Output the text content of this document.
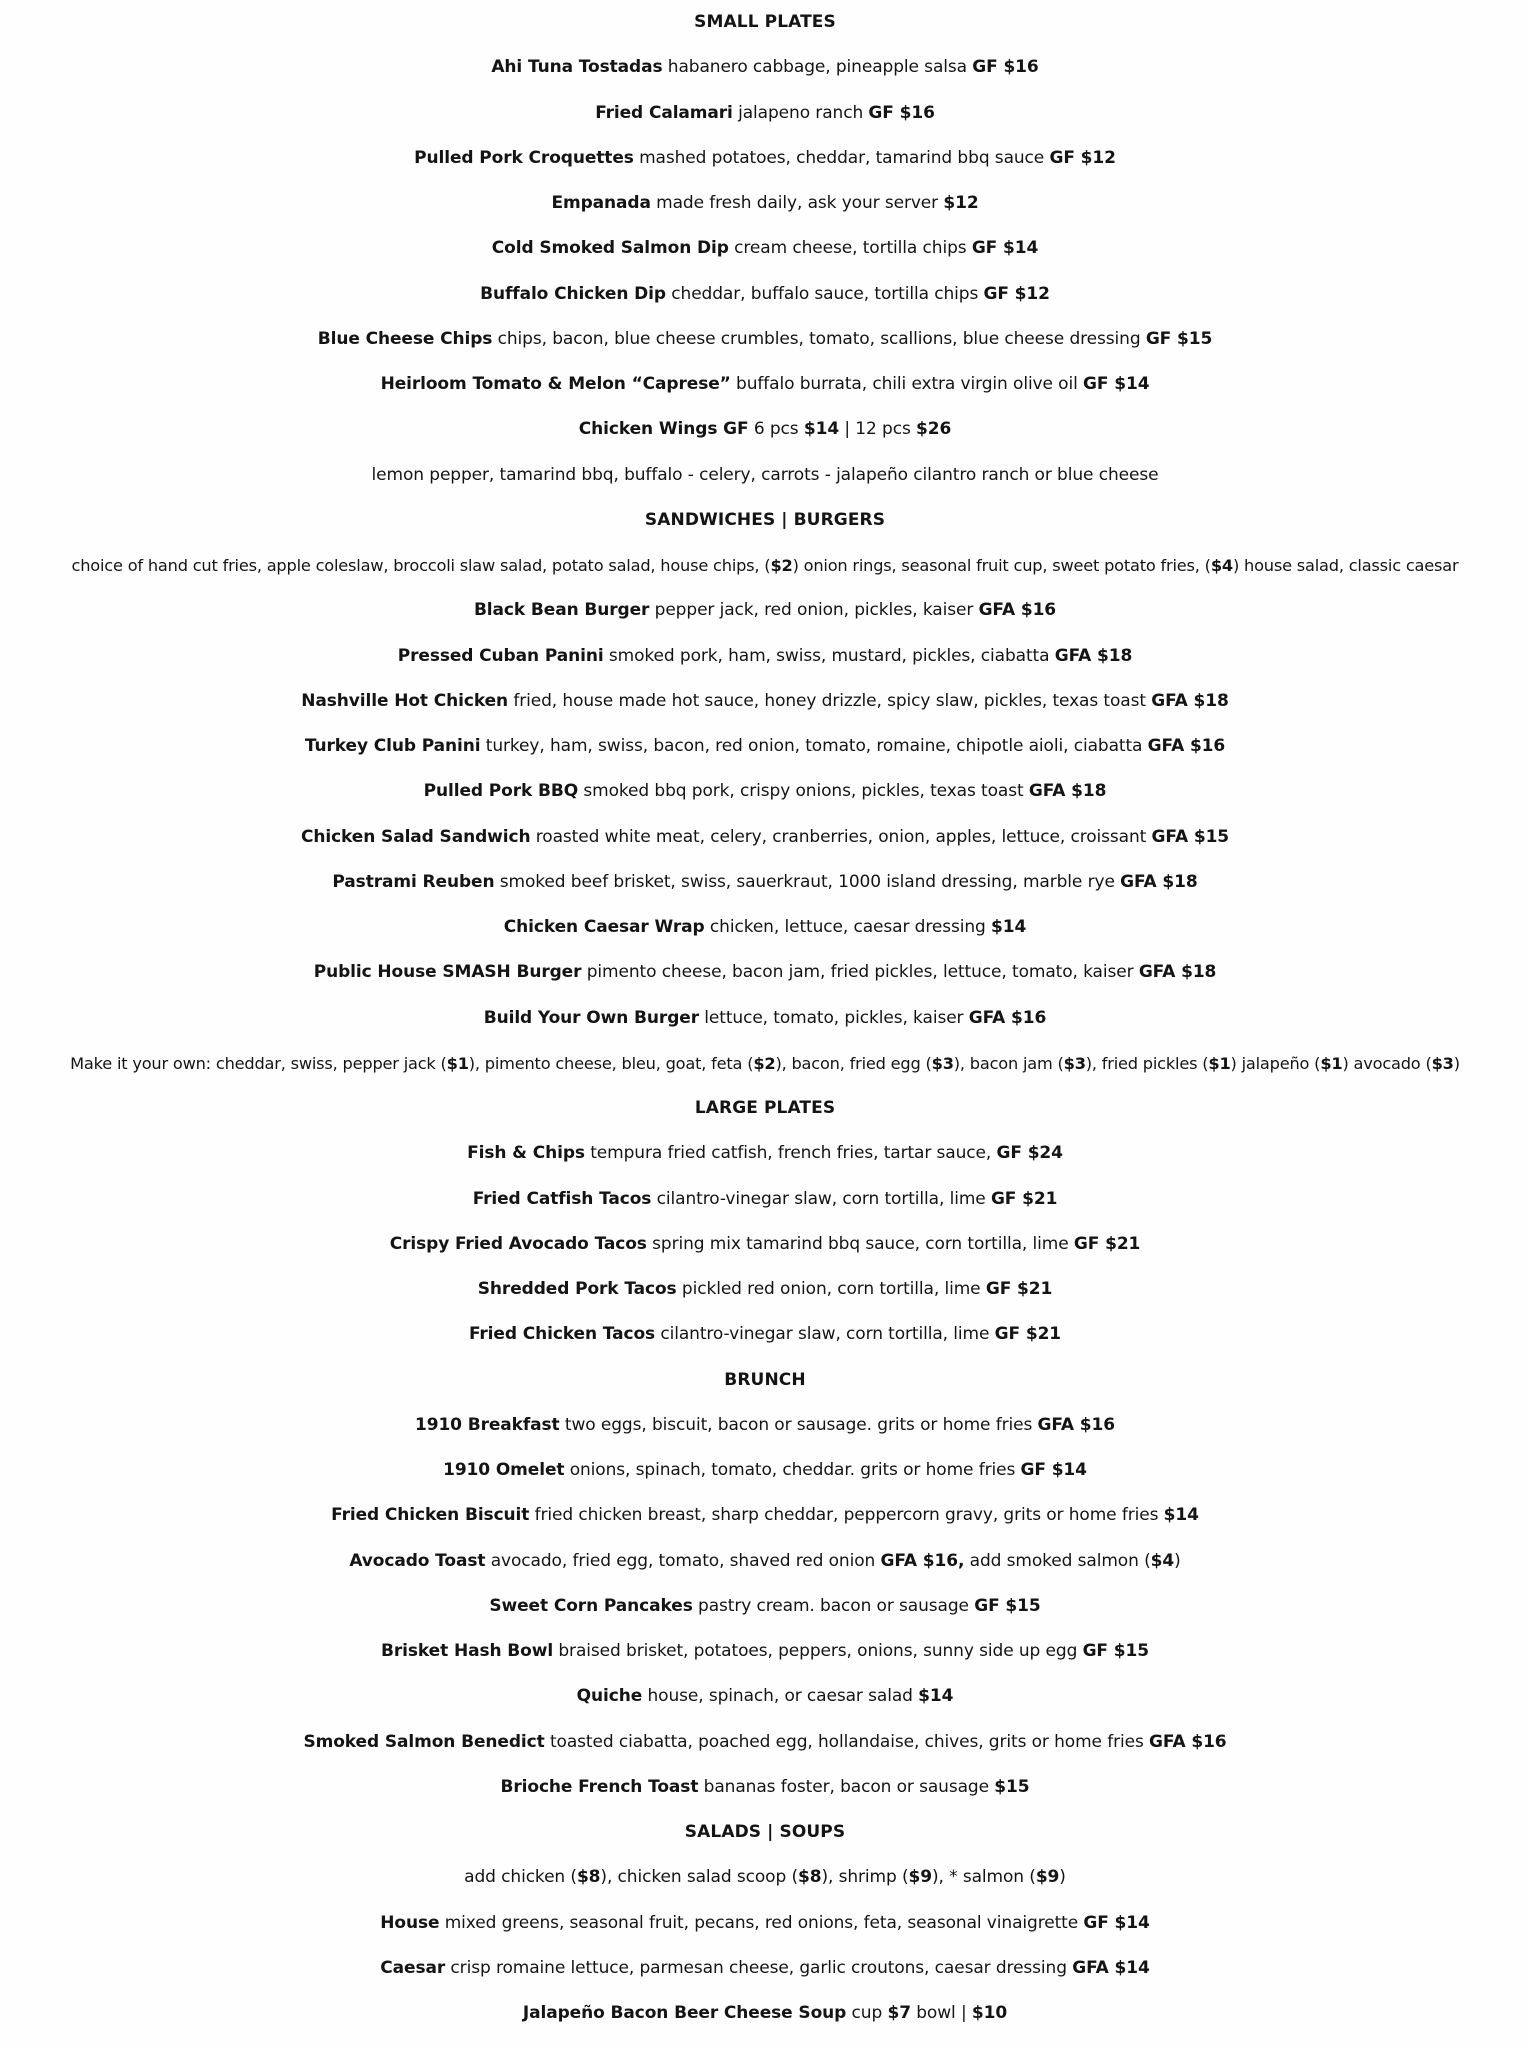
SMALL PLATES
Ahi Tuna Tostadas habanero cabbage, pineapple salsa GF $16
Fried Calamari jalapeno ranch GF $16
Pulled Pork Croquettes mashed potatoes, cheddar, tamarind bbq sauce GF $12
Empanada made fresh daily, ask your server $12
Cold Smoked Salmon Dip cream cheese, tortilla chips GF $14
Buffalo Chicken Dip cheddar, buffalo sauce, tortilla chips GF $12
Blue Cheese Chips chips, bacon, blue cheese crumbles, tomato, scallions, blue cheese dressing GF $15
Heirloom Tomato & Melon “Caprese” buffalo burrata, chili extra virgin olive oil GF $14
Chicken Wings GF 6 pcs $14 | 12 pcs $26
lemon pepper, tamarind bbq, buffalo - celery, carrots - jalapeño cilantro ranch or blue cheese
SANDWICHES | BURGERS
choice of hand cut fries, apple coleslaw, broccoli slaw salad, potato salad, house chips, ($2) onion rings, seasonal fruit cup, sweet potato fries, ($4) house salad, classic caesar
Black Bean Burger pepper jack, red onion, pickles, kaiser GFA $16
Pressed Cuban Panini smoked pork, ham, swiss, mustard, pickles, ciabatta GFA $18
Nashville Hot Chicken fried, house made hot sauce, honey drizzle, spicy slaw, pickles, texas toast GFA $18
Turkey Club Panini turkey, ham, swiss, bacon, red onion, tomato, romaine, chipotle aioli, ciabatta GFA $16
Pulled Pork BBQ smoked bbq pork, crispy onions, pickles, texas toast GFA $18
Chicken Salad Sandwich roasted white meat, celery, cranberries, onion, apples, lettuce, croissant GFA $15
Pastrami Reuben smoked beef brisket, swiss, sauerkraut, 1000 island dressing, marble rye GFA $18
Chicken Caesar Wrap chicken, lettuce, caesar dressing $14
Public House SMASH Burger pimento cheese, bacon jam, fried pickles, lettuce, tomato, kaiser GFA $18
Build Your Own Burger lettuce, tomato, pickles, kaiser GFA $16
Make it your own: cheddar, swiss, pepper jack ($1), pimento cheese, bleu, goat, feta ($2), bacon, fried egg ($3), bacon jam ($3), fried pickles ($1) jalapeño ($1) avocado ($3)
LARGE PLATES
Fish & Chips tempura fried catfish, french fries, tartar sauce, GF $24
Fried Catfish Tacos cilantro-vinegar slaw, corn tortilla, lime GF $21
Crispy Fried Avocado Tacos spring mix tamarind bbq sauce, corn tortilla, lime GF $21
Shredded Pork Tacos pickled red onion, corn tortilla, lime GF $21
Fried Chicken Tacos cilantro-vinegar slaw, corn tortilla, lime GF $21
BRUNCH
1910 Breakfast two eggs, biscuit, bacon or sausage. grits or home fries GFA $16
1910 Omelet onions, spinach, tomato, cheddar. grits or home fries GF $14
Fried Chicken Biscuit fried chicken breast, sharp cheddar, peppercorn gravy, grits or home fries $14
Avocado Toast avocado, fried egg, tomato, shaved red onion GFA $16, add smoked salmon ($4)
Sweet Corn Pancakes pastry cream. bacon or sausage GF $15
Brisket Hash Bowl braised brisket, potatoes, peppers, onions, sunny side up egg GF $15
Quiche house, spinach, or caesar salad $14
Smoked Salmon Benedict toasted ciabatta, poached egg, hollandaise, chives, grits or home fries GFA $16
Brioche French Toast bananas foster, bacon or sausage $15
SALADS | SOUPS
add chicken ($8), chicken salad scoop ($8), shrimp ($9), * salmon ($9)
House mixed greens, seasonal fruit, pecans, red onions, feta, seasonal vinaigrette GF $14
Caesar crisp romaine lettuce, parmesan cheese, garlic croutons, caesar dressing GFA $14
Jalapeño Bacon Beer Cheese Soup cup $7 bowl | $10
